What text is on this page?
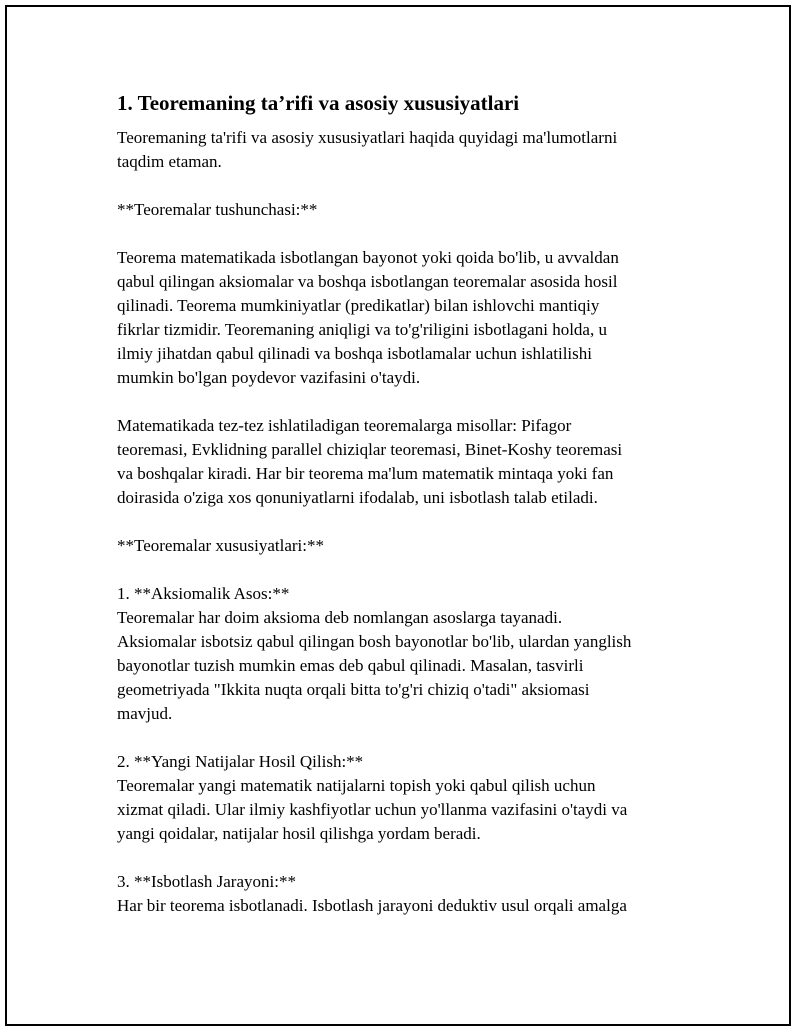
1. Teoremaning ta’rifi va asosiy xususiyatlari

Teoremaning ta'rifi va asosiy xususiyatlari haqida quyidagi ma'lumotlarni
taqdim etaman.

**Teoremalar tushunchasi:**

Teorema matematikada isbotlangan bayonot yoki qoida bo'lib, u avvaldan
qabul qilingan aksiomalar va boshqa isbotlangan teoremalar asosida hosil
qilinadi. Teorema mumkiniyatlar (predikatlar) bilan ishlovchi mantiqiy
fikrlar tizmidir. Teoremaning aniqligi va to'g'riligini isbotlagani holda, u
ilmiy jihatdan qabul qilinadi va boshqa isbotlamalar uchun ishlatilishi
mumkin bo'lgan poydevor vazifasini o'taydi.

Matematikada tez-tez ishlatiladigan teoremalarga misollar: Pifagor
teoremasi, Evklidning parallel chiziqlar teoremasi, Binet-Koshy teoremasi
va boshqalar kiradi. Har bir teorema ma'lum matematik mintaqa yoki fan
doirasida o'ziga xos qonuniyatlarni ifodalab, uni isbotlash talab etiladi.

**Teoremalar xususiyatlari:**

1. **Aksiomalik Asos:**

Teoremalar har doim aksioma deb nomlangan asoslarga tayanadi.
Aksiomalar isbotsiz qabul qilingan bosh bayonotlar bo'lib, ulardan yanglish
bayonotlar tuzish mumkin emas deb qabul qilinadi. Masalan, tasvirli
geometriyada "Ikkita nuqta orqali bitta to'g'ri chiziq o'tadi" aksiomasi
mavjud.

2. **Yangi Natijalar Hosil Qilish:**

Teoremalar yangi matematik natijalarni topish yoki qabul qilish uchun
xizmat qiladi. Ular ilmiy kashfiyotlar uchun yo'llanma vazifasini o'taydi va
yangi qoidalar, natijalar hosil qilishga yordam beradi.

3. **Isbotlash Jarayoni:**

Har bir teorema isbotlanadi. Isbotlash jarayoni deduktiv usul orqali amalga
